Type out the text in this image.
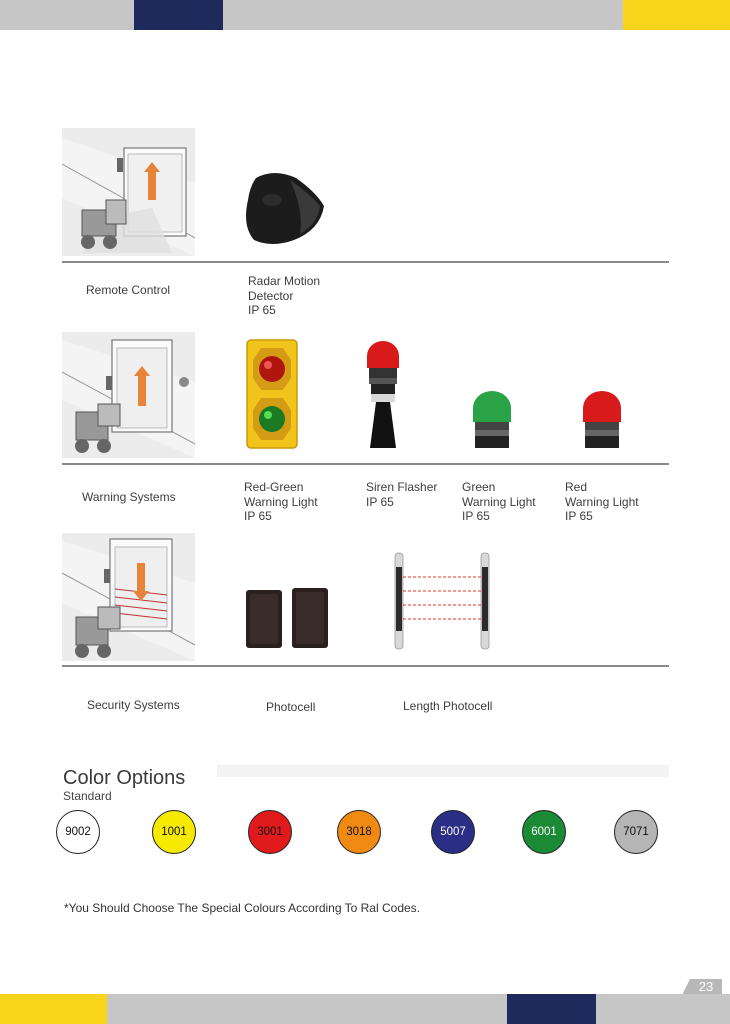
Remote Control
Radar Motion
Detector
IP 65
Warning Systems
Red-Green
Warning Light
IP 65
Siren Flasher
IP 65
Green
Warning Light
IP 65
Red
Warning Light
IP 65
Security Systems	Photocell	Length Photocell
Color Options
Standard
9002	1001	3001	3018	5007	6001	7071
*You Should Choose The Special Colours According To Ral Codes.
23
